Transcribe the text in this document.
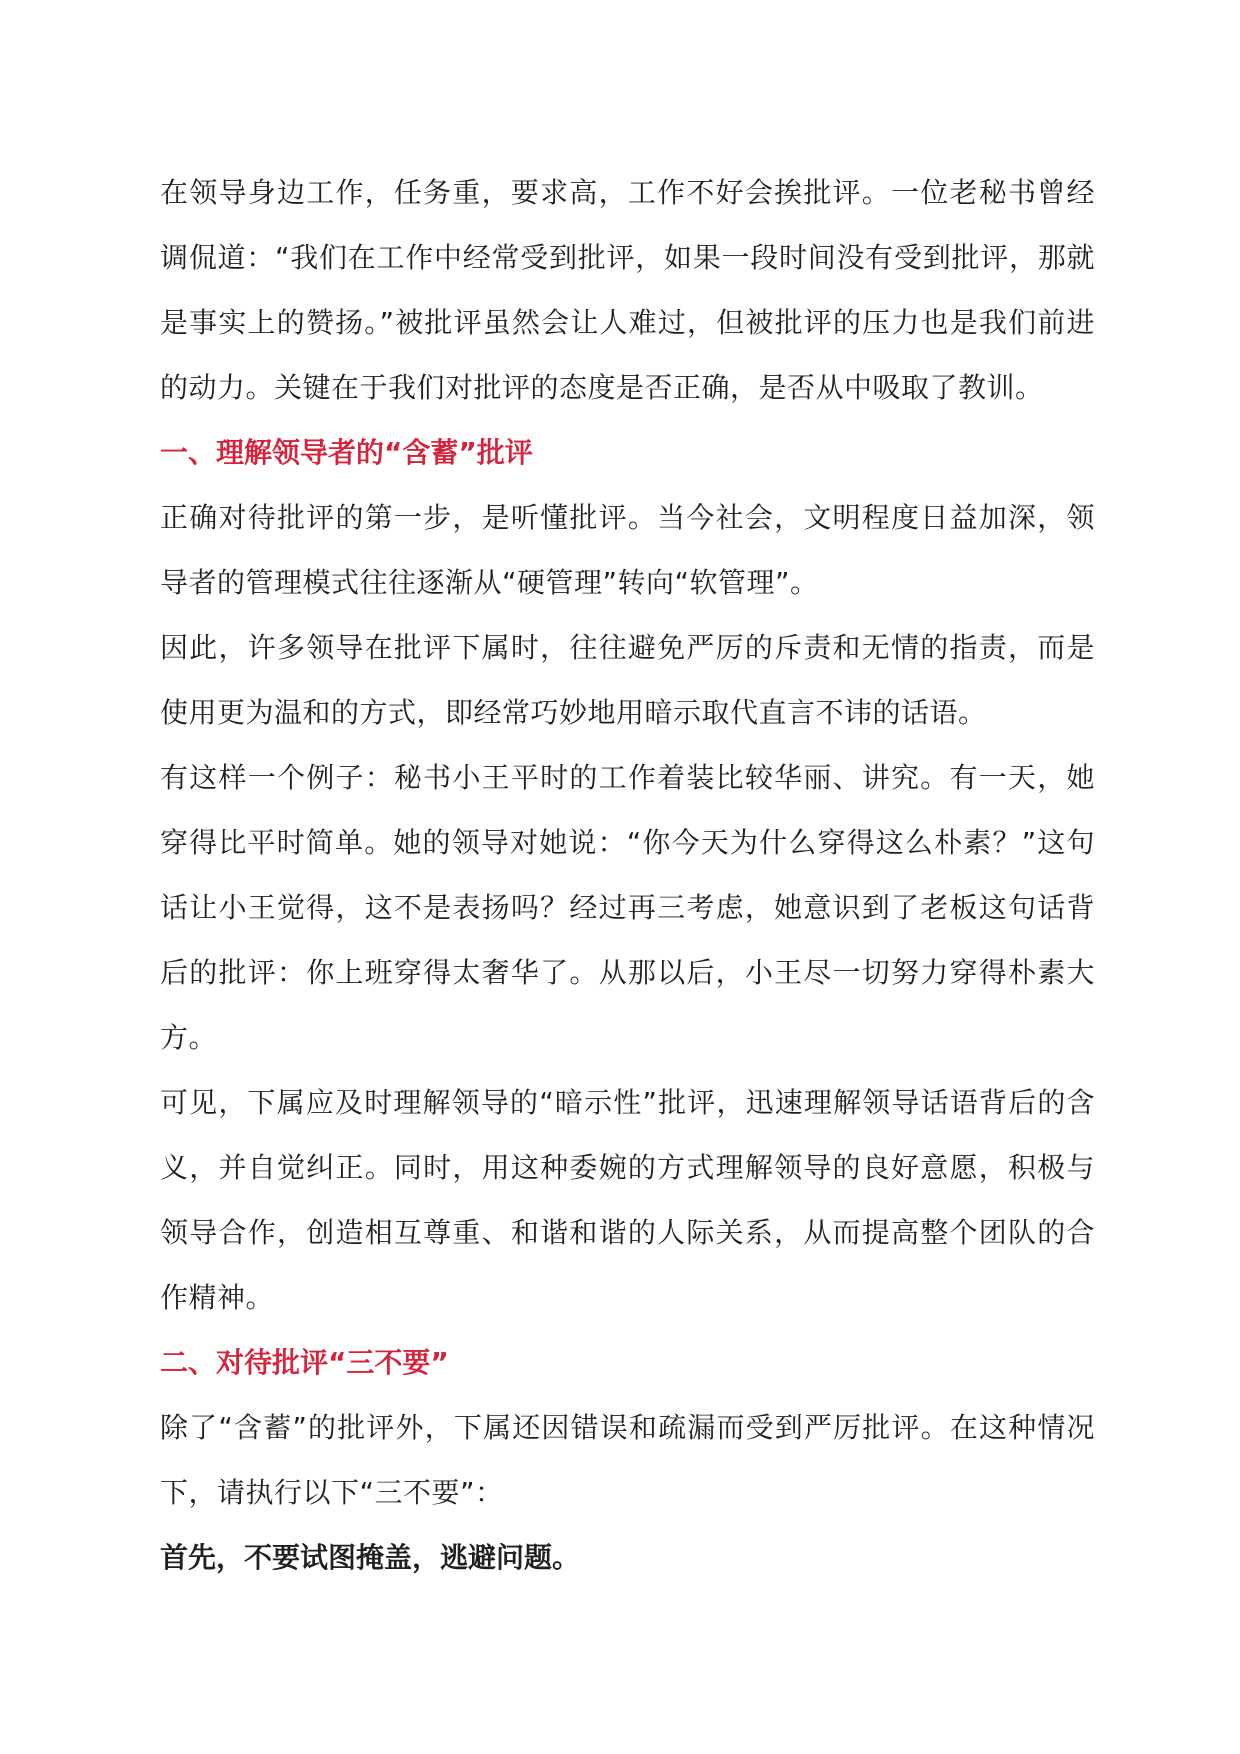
在领导身边工作，任务重，要求高，工作不好会挨批评。一位老秘书曾经调侃道：“我们在工作中经常受到批评，如果一段时间没有受到批评，那就是事实上的赞扬。”被批评虽然会让人难过，但被批评的压力也是我们前进的动力。关键在于我们对批评的态度是否正确，是否从中吸取了教训。

一、理解领导者的“含蓄”批评

正确对待批评的第一步，是听懂批评。当今社会，文明程度日益加深，领导者的管理模式往往逐渐从“硬管理”转向“软管理”。

因此，许多领导在批评下属时，往往避免严厉的斥责和无情的指责，而是使用更为温和的方式，即经常巧妙地用暗示取代直言不讳的话语。

有这样一个例子：秘书小王平时的工作着装比较华丽、讲究。有一天，她穿得比平时简单。她的领导对她说：“你今天为什么穿得这么朴素？”这句话让小王觉得，这不是表扬吗？经过再三考虑，她意识到了老板这句话背后的批评：你上班穿得太奢华了。从那以后，小王尽一切努力穿得朴素大方。

可见，下属应及时理解领导的“暗示性”批评，迅速理解领导话语背后的含义，并自觉纠正。同时，用这种委婉的方式理解领导的良好意愿，积极与领导合作，创造相互尊重、和谐和谐的人际关系，从而提高整个团队的合作精神。

二、对待批评“三不要”

除了“含蓄”的批评外，下属还因错误和疏漏而受到严厉批评。在这种情况下，请执行以下“三不要”：

首先，不要试图掩盖，逃避问题。
